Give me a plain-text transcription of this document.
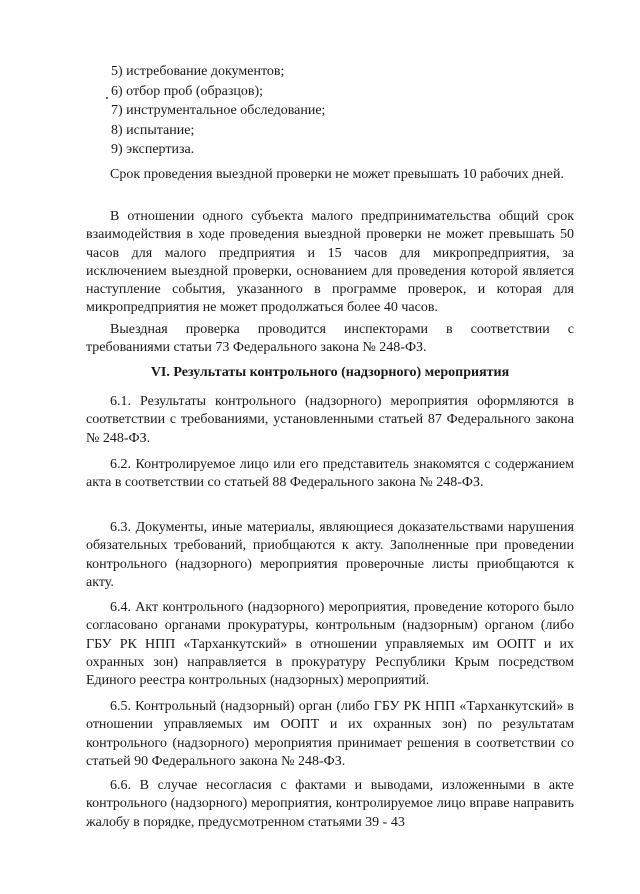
5) истребование документов;
6) отбор проб (образцов);
7) инструментальное обследование;
8) испытание;
9) экспертиза.

Срок проведения выездной проверки не может превышать 10 рабочих дней.

В отношении одного субъекта малого предпринимательства общий срок взаимодействия в ходе проведения выездной проверки не может превышать 50 часов для малого предприятия и 15 часов для микропредприятия, за исключением выездной проверки, основанием для проведения которой является наступление события, указанного в программе проверок, и которая для микропредприятия не может продолжаться более 40 часов.

Выездная проверка проводится инспекторами в соответствии с требованиями статьи 73 Федерального закона № 248-ФЗ.

VI. Результаты контрольного (надзорного) мероприятия

6.1. Результаты контрольного (надзорного) мероприятия оформляются в соответствии с требованиями, установленными статьей 87 Федерального закона № 248-ФЗ.

6.2. Контролируемое лицо или его представитель знакомятся с содержанием акта в соответствии со статьей 88 Федерального закона № 248-ФЗ.

6.3. Документы, иные материалы, являющиеся доказательствами нарушения обязательных требований, приобщаются к акту. Заполненные при проведении контрольного (надзорного) мероприятия проверочные листы приобщаются к акту.

6.4. Акт контрольного (надзорного) мероприятия, проведение которого было согласовано органами прокуратуры, контрольным (надзорным) органом (либо ГБУ РК НПП «Тарханкутский» в отношении управляемых им ООПТ и их охранных зон) направляется в прокуратуру Республики Крым посредством Единого реестра контрольных (надзорных) мероприятий.

6.5. Контрольный (надзорный) орган (либо ГБУ РК НПП «Тарханкутский» в отношении управляемых им ООПТ и их охранных зон) по результатам контрольного (надзорного) мероприятия принимает решения в соответствии со статьей 90 Федерального закона № 248-ФЗ.

6.6. В случае несогласия с фактами и выводами, изложенными в акте контрольного (надзорного) мероприятия, контролируемое лицо вправе направить жалобу в порядке, предусмотренном статьями 39 - 43
